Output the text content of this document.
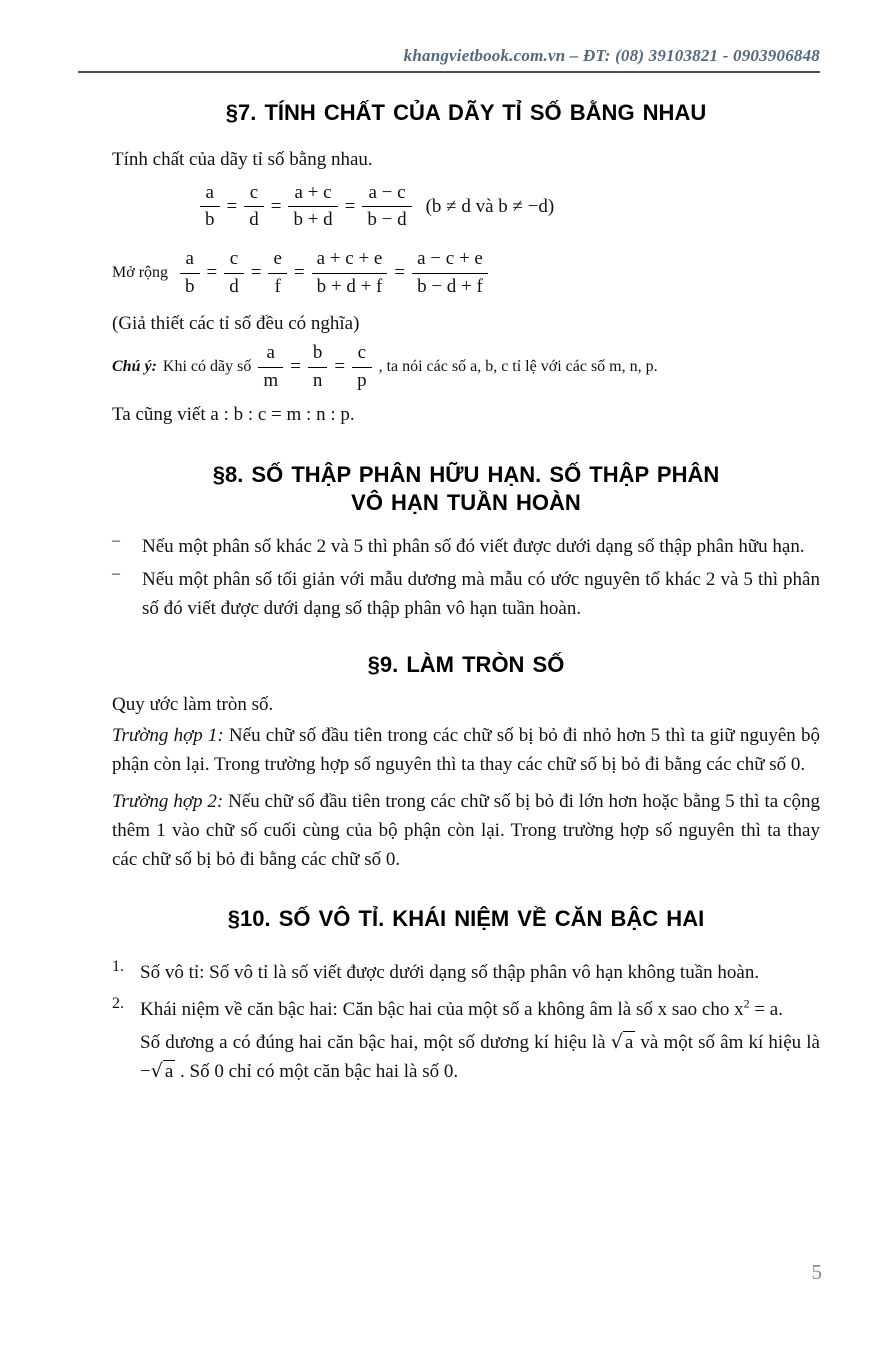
khangvietbook.com.vn – ĐT: (08) 39103821 - 0903906848
§7. TÍNH CHẤT CỦA DÃY TỈ SỐ BẰNG NHAU

Tính chất của dãy tỉ số bằng nhau.

$\frac{a}{b} = \frac{c}{d} = \frac{a + c}{b + d} = \frac{a - c}{b - d} (b \ne d$ và b ≠ −d)
Mở rộng $\frac{a}{b} = \frac{c}{d} = \frac{e}{f} = \frac{a + c + e}{b + d + f} = \frac{a - c + e}{b - d + f}$

(Giả thiết các tỉ số đều có nghĩa)

Chú ý: Khi có dãy số $\frac{a}{m} = \frac{b}{n} = \frac{c}{p}$ , ta nói các số a, b, c tỉ lệ với các số m, n, p.

Ta cũng viết a : b : c = m : n : p.

§8. SỐ THẬP PHÂN HỮU HẠN. SỐ THẬP PHÂN
VÔ HẠN TUẦN HOÀN
–	Nếu một phân số khác 2 và 5 thì phân số đó viết được dưới dạng số thập phân hữu hạn.
–	Nếu một phân số tối giản với mẫu dương mà mẫu có ước nguyên tố khác 2 và 5 thì phân số đó viết được dưới dạng số thập phân vô hạn tuần hoàn.
§9. LÀM TRÒN SỐ

Quy ước làm tròn số.

Trường hợp 1: Nếu chữ số đầu tiên trong các chữ số bị bỏ đi nhỏ hơn 5 thì ta giữ nguyên bộ phận còn lại. Trong trường hợp số nguyên thì ta thay các chữ số bị bỏ đi bằng các chữ số 0.

Trường hợp 2: Nếu chữ số đầu tiên trong các chữ số bị bỏ đi lớn hơn hoặc bằng 5 thì ta cộng thêm 1 vào chữ số cuối cùng của bộ phận còn lại. Trong trường hợp số nguyên thì ta thay các chữ số bị bỏ đi bằng các chữ số 0.

§10. SỐ VÔ TỈ. KHÁI NIỆM VỀ CĂN BẬC HAI
1. Số vô tỉ: Số vô tỉ là số viết được dưới dạng số thập phân vô hạn không tuần hoàn.
2. Khái niệm về căn bậc hai: Căn bậc hai của một số a không âm là số x sao cho $x^2 = a$.

Số dương a có đúng hai căn bậc hai, một số dương kí hiệu là √ a và một số âm kí hiệu là −√ a . Số 0 chỉ có một căn bậc hai là số 0.

5
